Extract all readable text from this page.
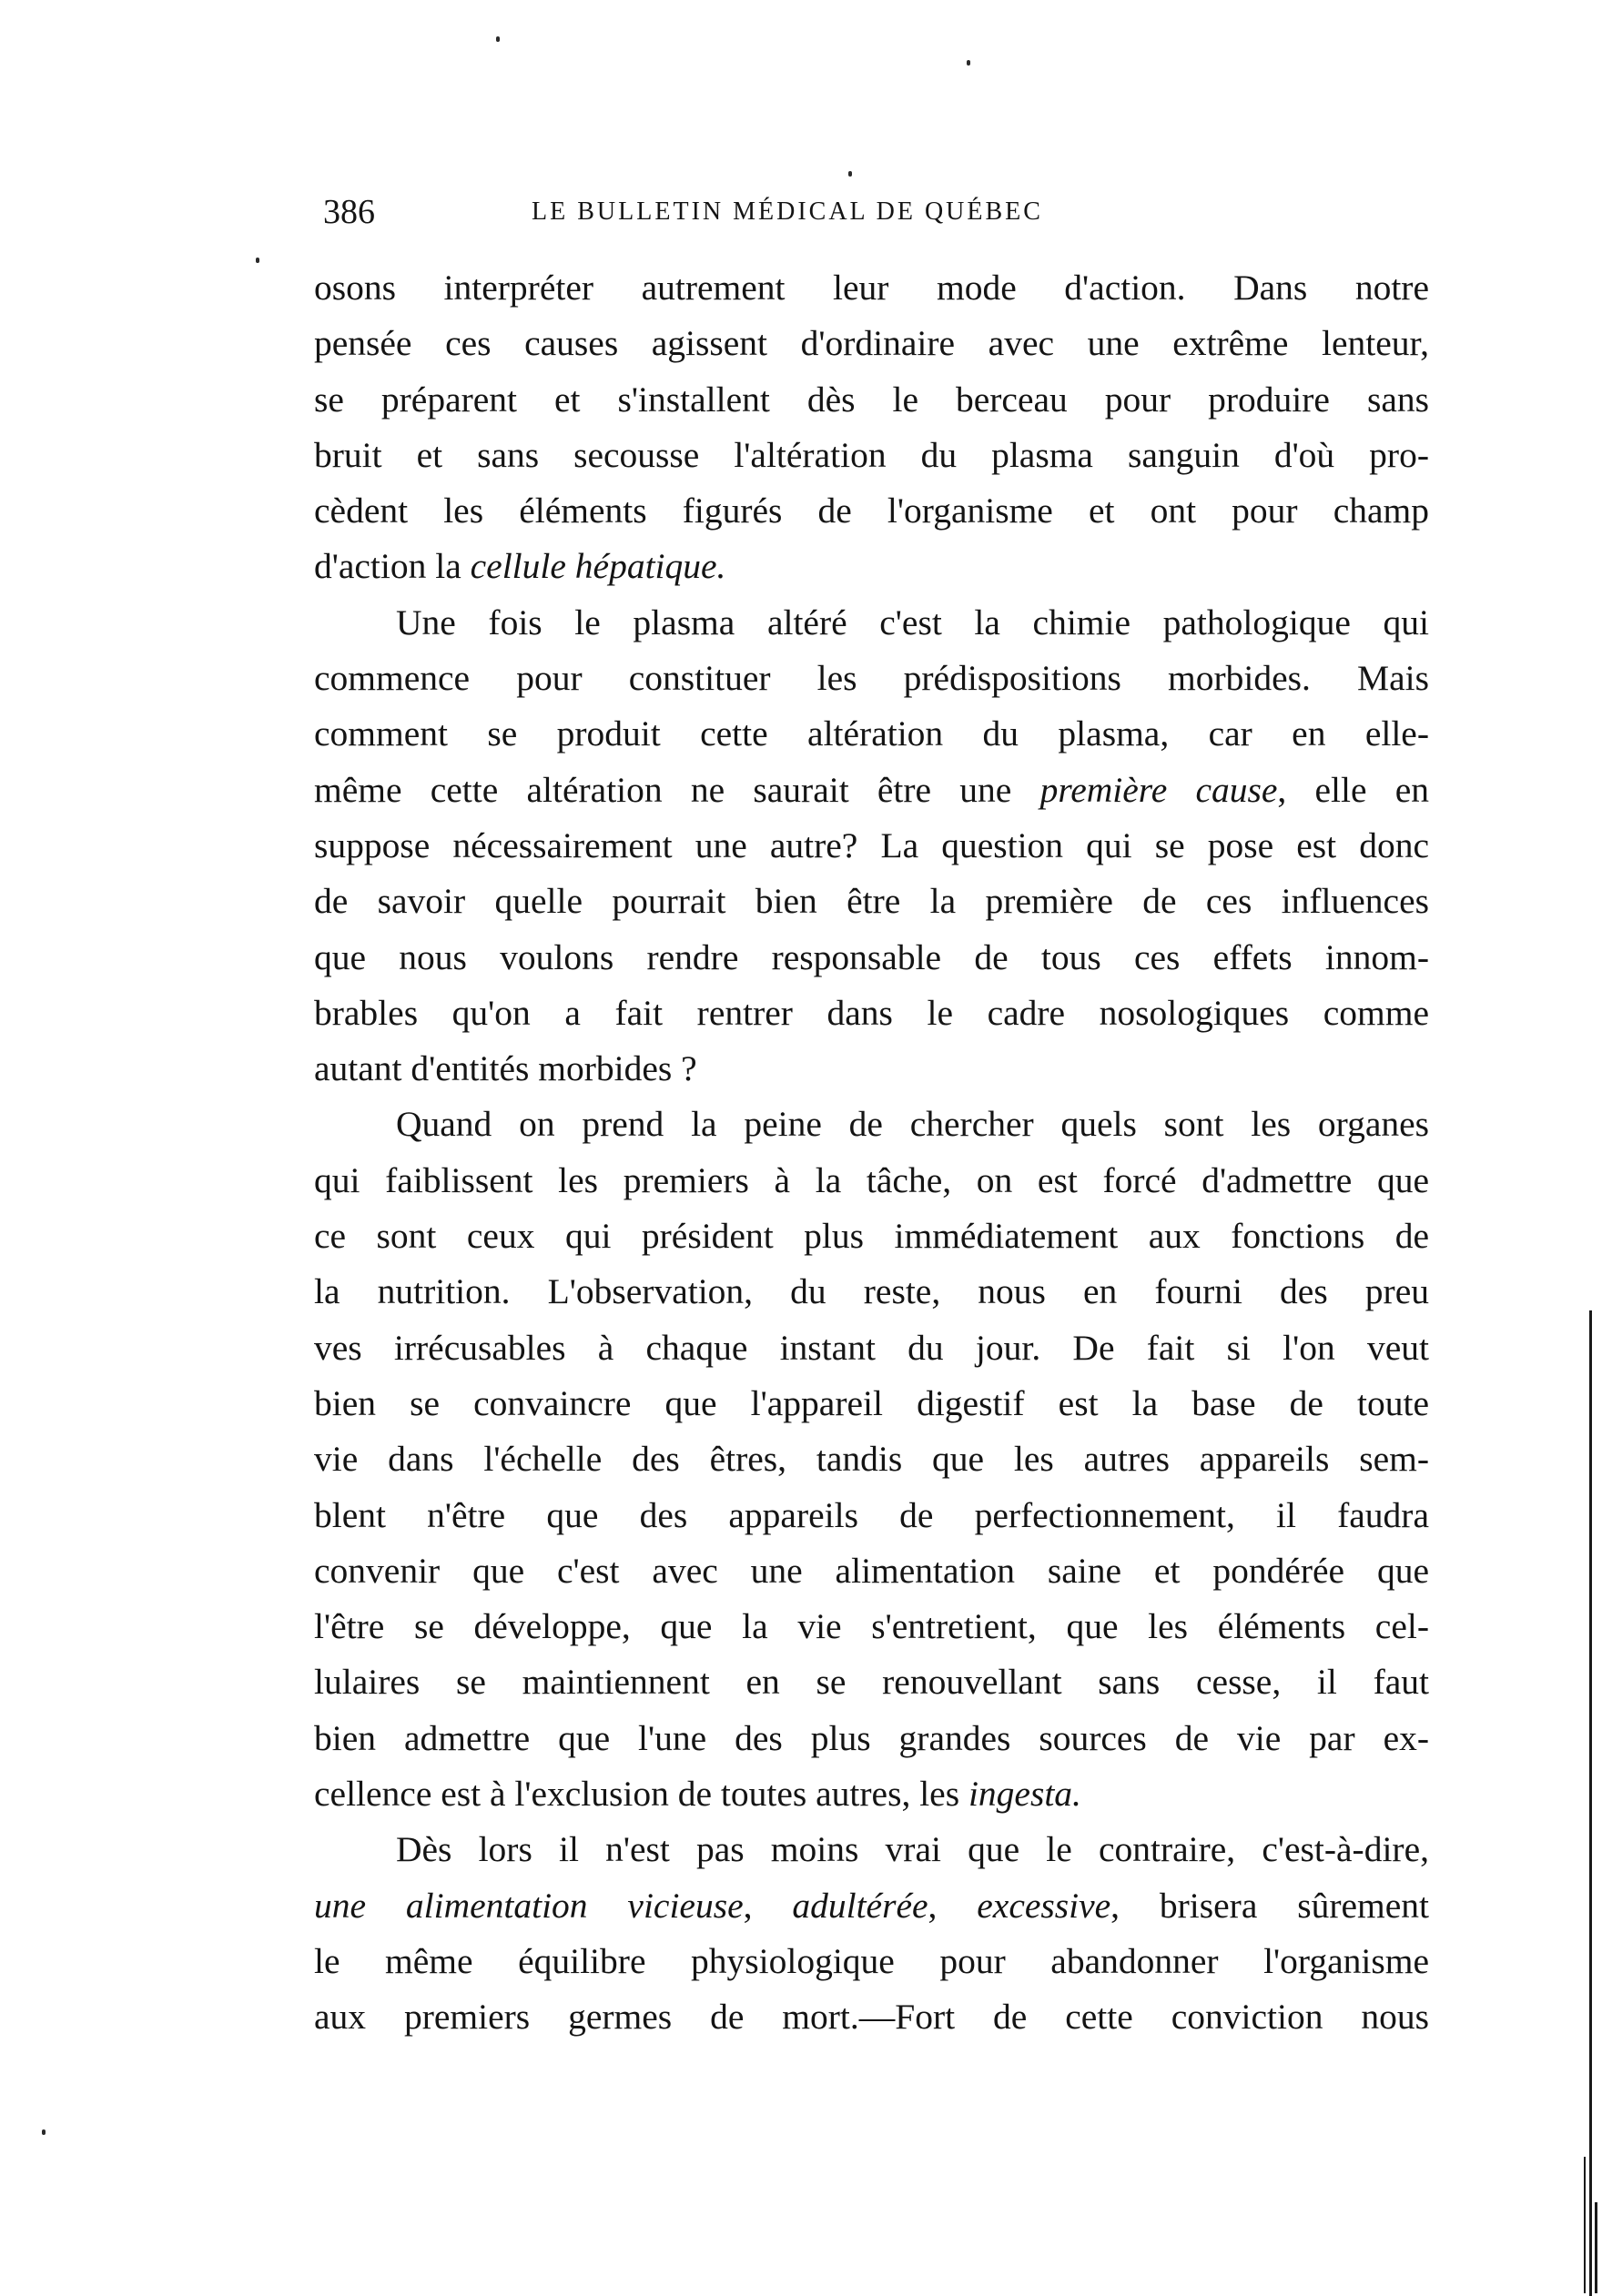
386	LE BULLETIN MÉDICAL DE QUÉBEC
osons interpréter autrement leur mode d'action. Dans notre
pensée ces causes agissent d'ordinaire avec une extrême lenteur,
se préparent et s'installent dès le berceau pour produire sans
bruit et sans secousse l'altération du plasma sanguin d'où pro-
cèdent les éléments figurés de l'organisme et ont pour champ
d'action la cellule hépatique.
Une fois le plasma altéré c'est la chimie pathologique qui
commence pour constituer les prédispositions morbides. Mais
comment se produit cette altération du plasma, car en elle-
même cette altération ne saurait être une première cause, elle en
suppose nécessairement une autre? La question qui se pose est donc
de savoir quelle pourrait bien être la première de ces influences
que nous voulons rendre responsable de tous ces effets innom-
brables qu'on a fait rentrer dans le cadre nosologiques comme
autant d'entités morbides ?
Quand on prend la peine de chercher quels sont les organes
qui faiblissent les premiers à la tâche, on est forcé d'admettre que
ce sont ceux qui président plus immédiatement aux fonctions de
la nutrition. L'observation, du reste, nous en fourni des preu
ves irrécusables à chaque instant du jour. De fait si l'on veut
bien se convaincre que l'appareil digestif est la base de toute
vie dans l'échelle des êtres, tandis que les autres appareils sem-
blent n'être que des appareils de perfectionnement, il faudra
convenir que c'est avec une alimentation saine et pondérée que
l'être se développe, que la vie s'entretient, que les éléments cel-
lulaires se maintiennent en se renouvellant sans cesse, il faut
bien admettre que l'une des plus grandes sources de vie par ex-
cellence est à l'exclusion de toutes autres, les ingesta.
Dès lors il n'est pas moins vrai que le contraire, c'est-à-dire,
une alimentation vicieuse, adultérée, excessive, brisera sûrement
le même équilibre physiologique pour abandonner l'organisme
aux premiers germes de mort.—Fort de cette conviction nous
